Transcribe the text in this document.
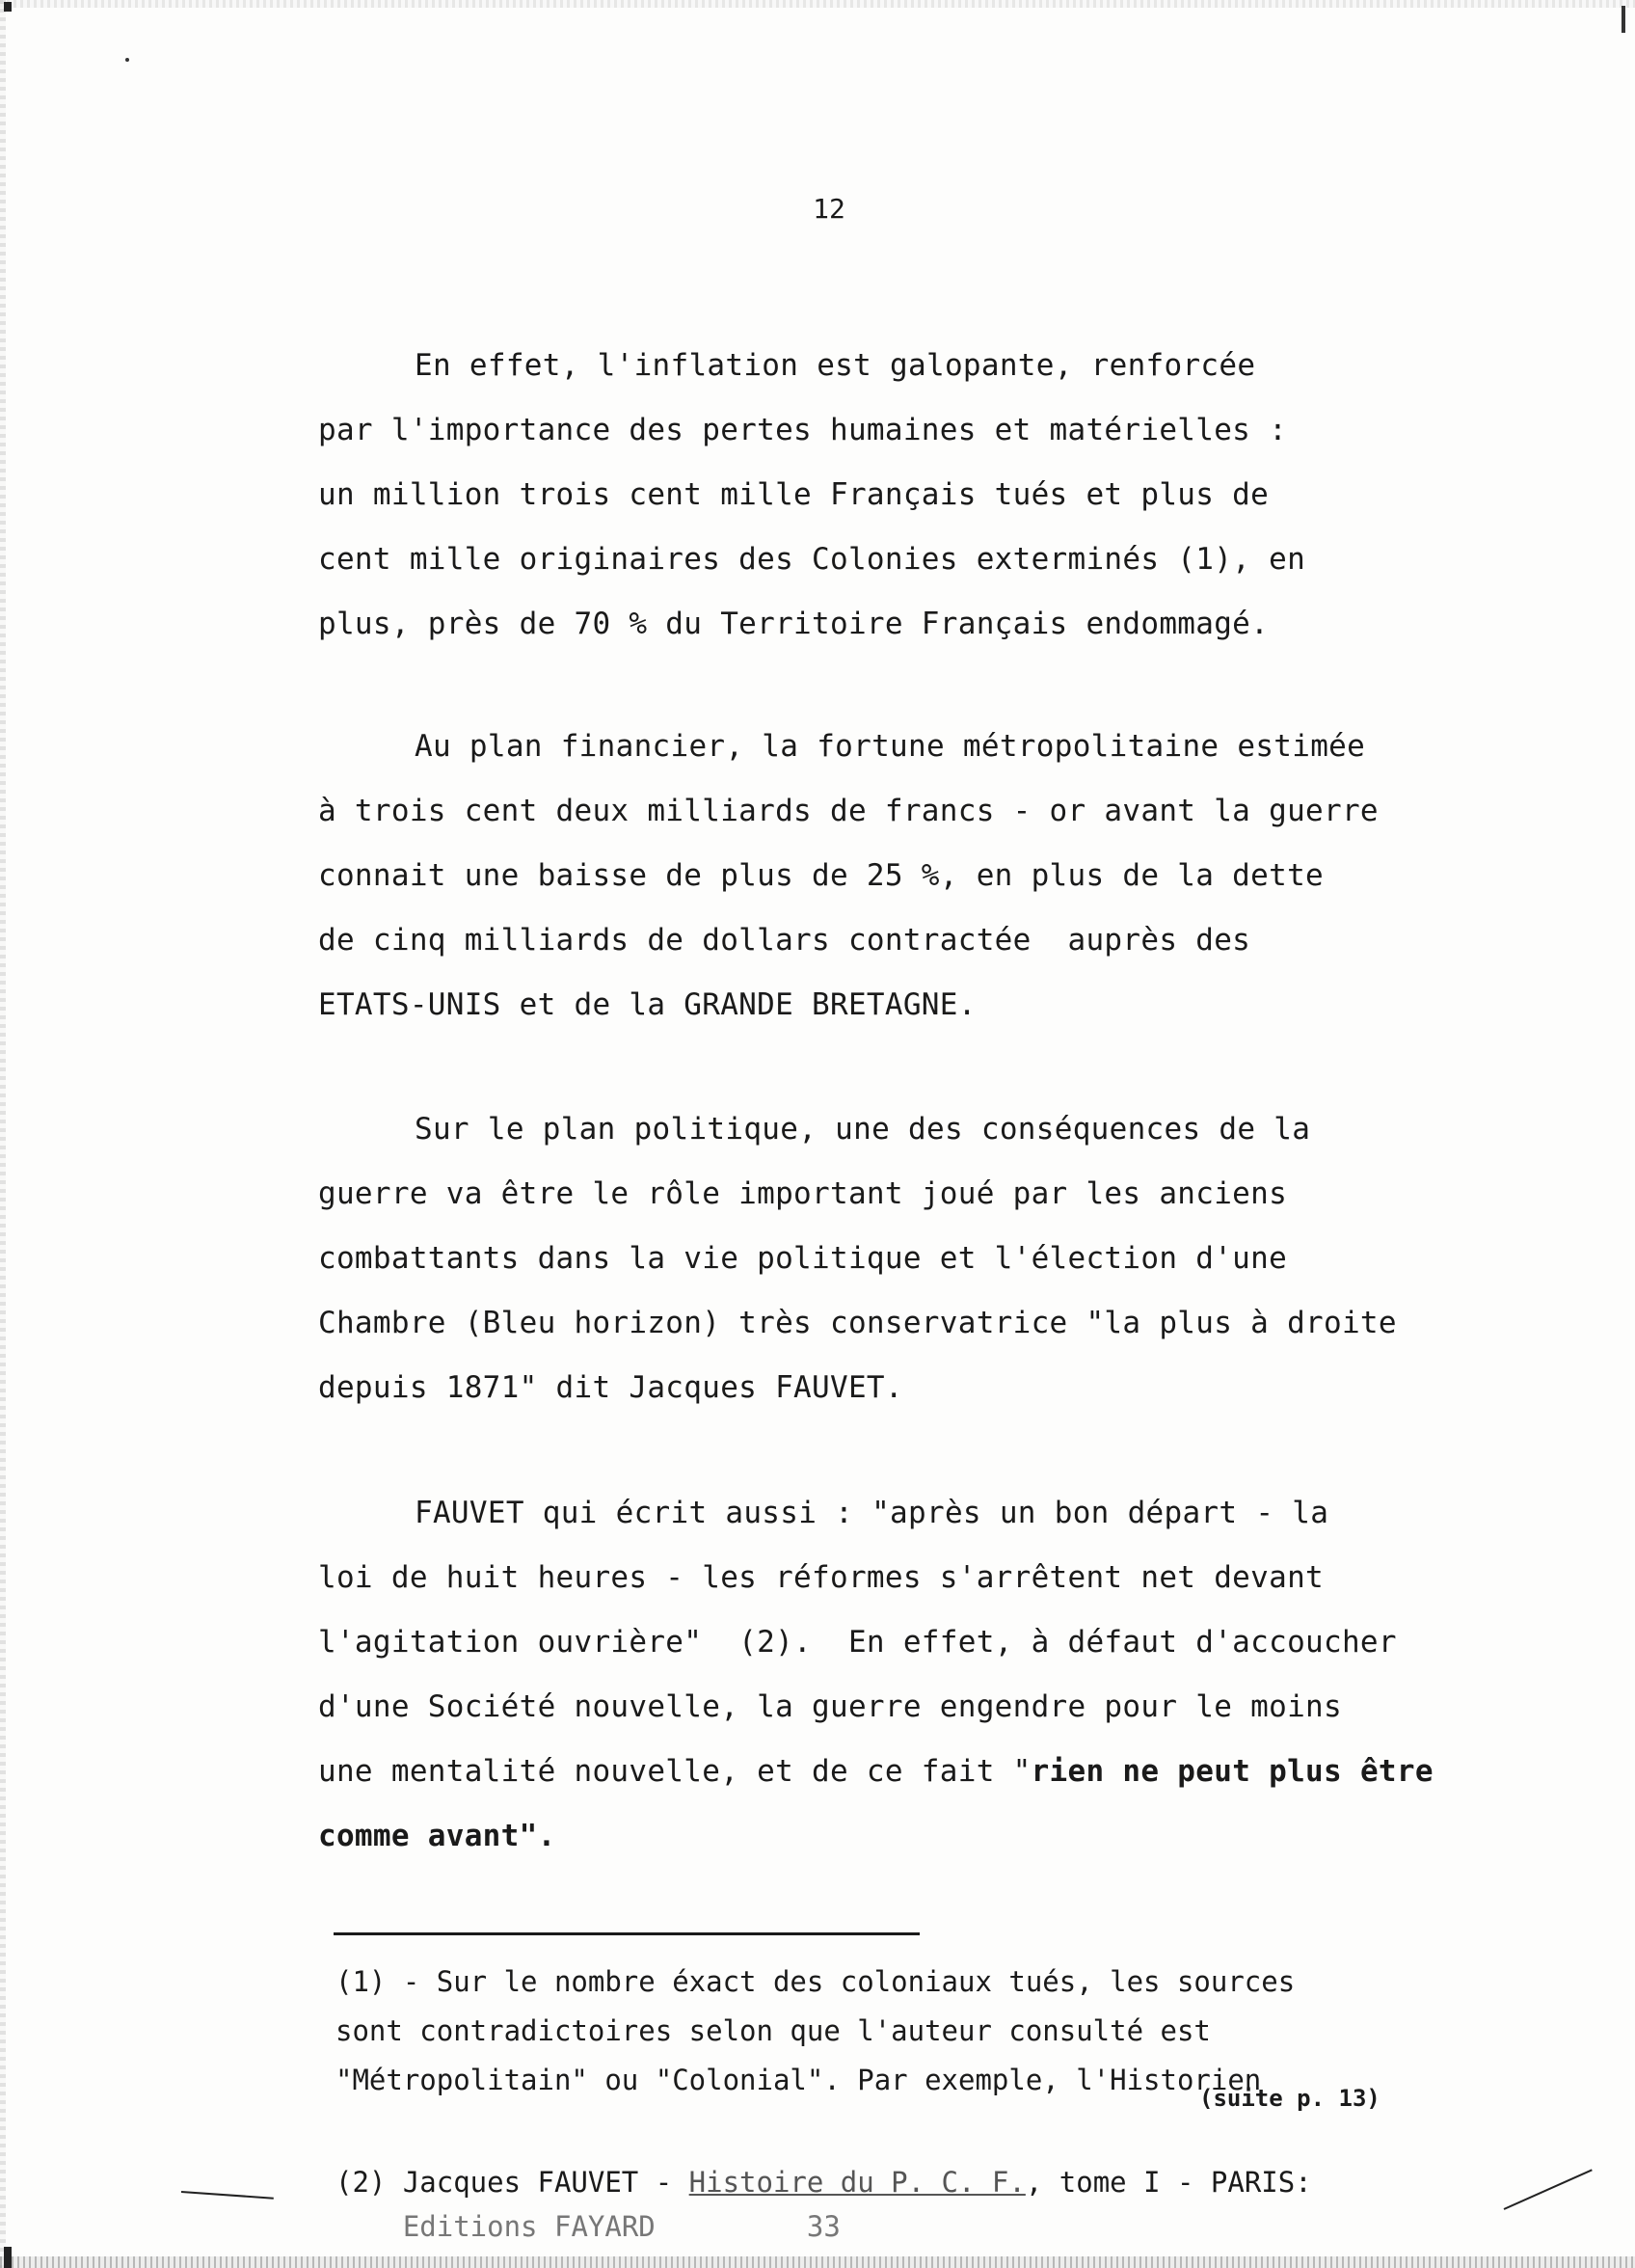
12
En effet, l'inflation est galopante, renforcée
par l'importance des pertes humaines et matérielles :
un million trois cent mille Français tués et plus de
cent mille originaires des Colonies exterminés (1), en
plus, près de 70 % du Territoire Français endommagé.
Au plan financier, la fortune métropolitaine estimée
à trois cent deux milliards de francs - or avant la guerre
connait une baisse de plus de 25 %, en plus de la dette
de cinq milliards de dollars contractée  auprès des
ETATS-UNIS et de la GRANDE BRETAGNE.
Sur le plan politique, une des conséquences de la
guerre va être le rôle important joué par les anciens
combattants dans la vie politique et l'élection d'une
Chambre (Bleu horizon) très conservatrice "la plus à droite
depuis 1871" dit Jacques FAUVET.
FAUVET qui écrit aussi : "après un bon départ - la
loi de huit heures - les réformes s'arrêtent net devant
l'agitation ouvrière"  (2).  En effet, à défaut d'accoucher
d'une Société nouvelle, la guerre engendre pour le moins
une mentalité nouvelle, et de ce fait "rien ne peut plus être
comme avant".
(1) - Sur le nombre éxact des coloniaux tués, les sources
sont contradictoires selon que l'auteur consulté est
"Métropolitain" ou "Colonial". Par exemple, l'Historien
(suite p. 13)
(2) Jacques FAUVET - Histoire du P. C. F., tome I - PARIS:
Editions FAYARD	33
